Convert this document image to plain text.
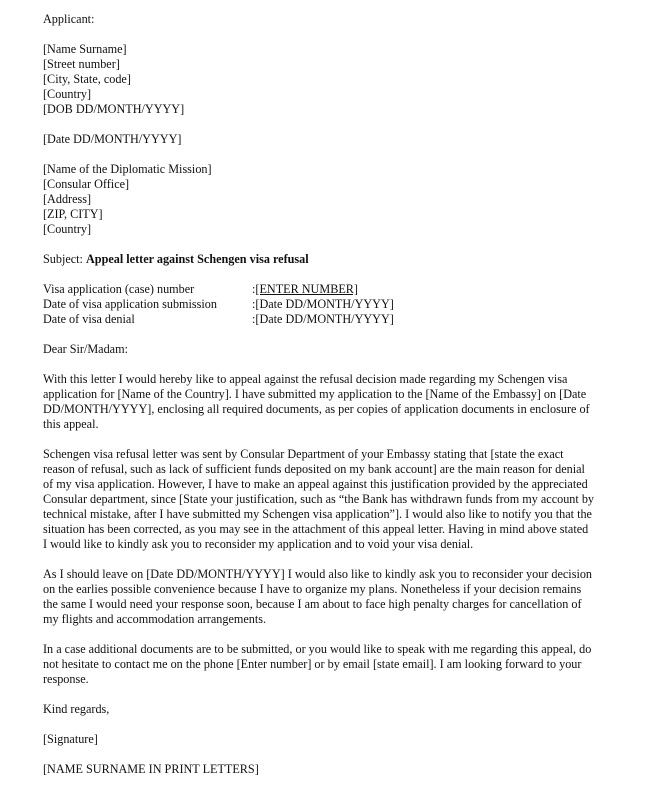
Applicant:
[Name Surname]
[Street number]
[City, State, code]
[Country]
[DOB DD/MONTH/YYYY]
[Date DD/MONTH/YYYY]
[Name of the Diplomatic Mission]
[Consular Office]
[Address]
[ZIP, CITY]
[Country]
Subject: Appeal letter against Schengen visa refusal
Visa application (case) number	: [ENTER NUMBER]
Date of visa application submission	: [Date DD/MONTH/YYYY]
Date of visa denial	: [Date DD/MONTH/YYYY]
Dear Sir/Madam:
With this letter I would hereby like to appeal against the refusal decision made regarding my Schengen visa
application for [Name of the Country]. I have submitted my application to the [Name of the Embassy] on [Date
DD/MONTH/YYYY], enclosing all required documents, as per copies of application documents in enclosure of
this appeal.
Schengen visa refusal letter was sent by Consular Department of your Embassy stating that [state the exact
reason of refusal, such as lack of sufficient funds deposited on my bank account] are the main reason for denial
of my visa application. However, I have to make an appeal against this justification provided by the appreciated
Consular department, since [State your justification, such as “the Bank has withdrawn funds from my account by
technical mistake, after I have submitted my Schengen visa application”]. I would also like to notify you that the
situation has been corrected, as you may see in the attachment of this appeal letter. Having in mind above stated
I would like to kindly ask you to reconsider my application and to void your visa denial.
As I should leave on [Date DD/MONTH/YYYY] I would also like to kindly ask you to reconsider your decision
on the earlies possible convenience because I have to organize my plans. Nonetheless if your decision remains
the same I would need your response soon, because I am about to face high penalty charges for cancellation of
my flights and accommodation arrangements.
In a case additional documents are to be submitted, or you would like to speak with me regarding this appeal, do
not hesitate to contact me on the phone [Enter number] or by email [state email]. I am looking forward to your
response.
Kind regards,
[Signature]
[NAME SURNAME IN PRINT LETTERS]
